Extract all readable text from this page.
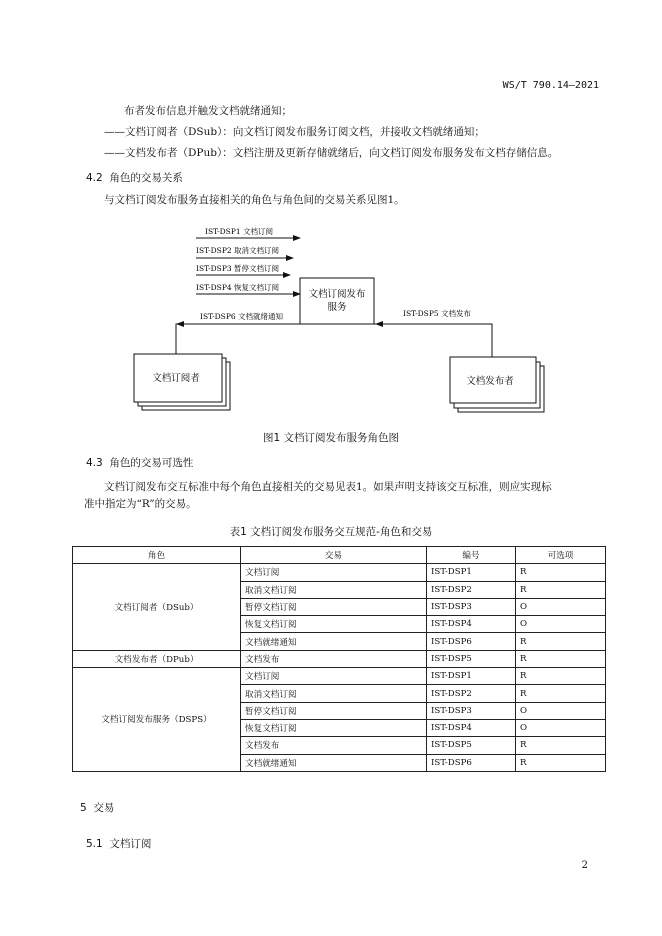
WS/T 790.14—2021
布者发布信息并触发文档就绪通知；
——文档订阅者（DSub）：向文档订阅发布服务订阅文档，并接收文档就绪通知；
——文档发布者（DPub）：文档注册及更新存储就绪后，向文档订阅发布服务发布文档存储信息。
4.2 角色的交易关系
与文档订阅发布服务直接相关的角色与角色间的交易关系见图1。
文档订阅发布
服务
文档订阅者	文档发布者
IST-DSP1 文档订阅
IST-DSP2 取消文档订阅
IST-DSP3 暂停文档订阅
IST-DSP4 恢复文档订阅
IST-DSP6 文档就绪通知	IST-DSP5 文档发布
图1 文档订阅发布服务角色图
4.3 角色的交易可选性
文档订阅发布交互标准中每个角色直接相关的交易见表1。如果声明支持该交互标准，则应实现标
准中指定为“R”的交易。
表1 文档订阅发布服务交互规范-角色和交易
角色	交易	编号	可选项
文档订阅者（DSub）	文档订阅	IST-DSP1	R
	取消文档订阅	IST-DSP2	R
	暂停文档订阅	IST-DSP3	O
	恢复文档订阅	IST-DSP4	O
	文档就绪通知	IST-DSP6	R
文档发布者（DPub）	文档发布	IST-DSP5	R
文档订阅发布服务（DSPS）	文档订阅	IST-DSP1	R
	取消文档订阅	IST-DSP2	R
	暂停文档订阅	IST-DSP3	O
	恢复文档订阅	IST-DSP4	O
	文档发布	IST-DSP5	R
	文档就绪通知	IST-DSP6	R
5 交易
5.1 文档订阅
2
